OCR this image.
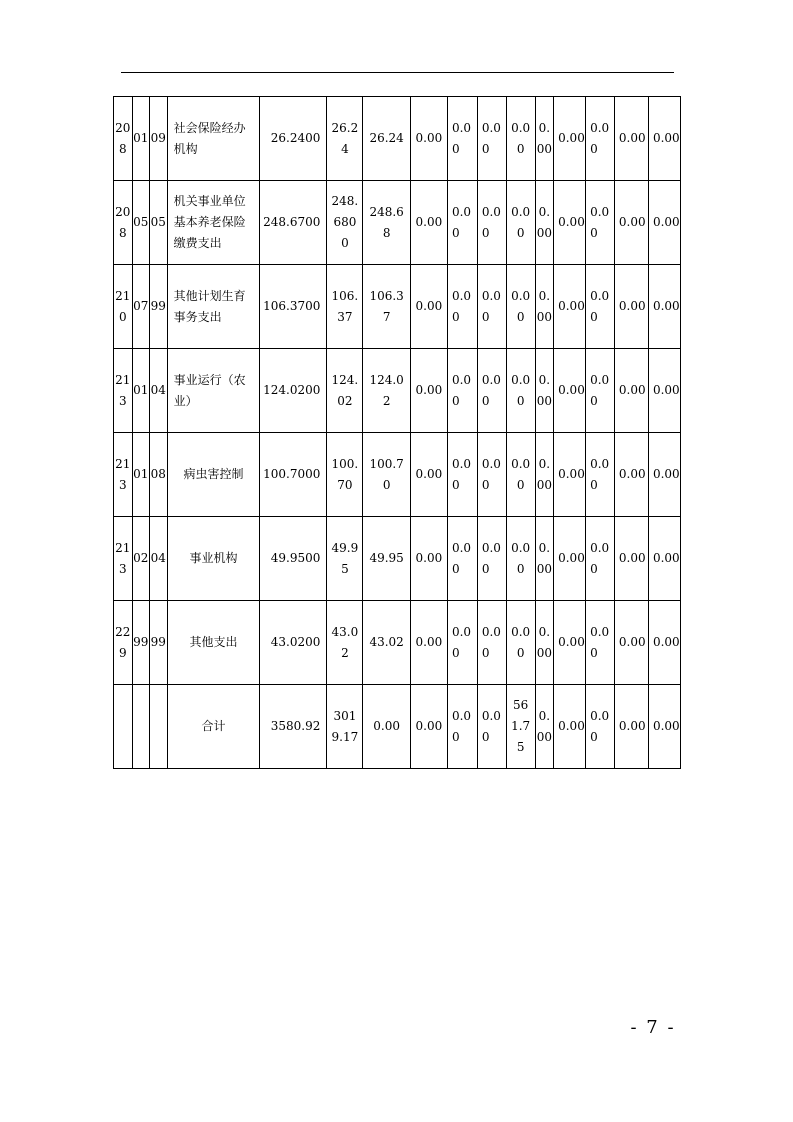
208	01	09	社会保险经办机构	26.2400	26.24	26.24	0.00	0.00	0.00	0.00	0.00	0.00	0.00	0.00	0.00
208	05	05	机关事业单位基本养老保险缴费支出	248.6700	248.6800	248.68	0.00	0.00	0.00	0.00	0.00	0.00	0.00	0.00	0.00
210	07	99	其他计划生育事务支出	106.3700	106.37	106.37	0.00	0.00	0.00	0.00	0.00	0.00	0.00	0.00	0.00
213	01	04	事业运行（农业）	124.0200	124.02	124.02	0.00	0.00	0.00	0.00	0.00	0.00	0.00	0.00	0.00
213	01	08	病虫害控制	100.7000	100.70	100.70	0.00	0.00	0.00	0.00	0.00	0.00	0.00	0.00	0.00
213	02	04	事业机构	49.9500	49.95	49.95	0.00	0.00	0.00	0.00	0.00	0.00	0.00	0.00	0.00
229	99	99	其他支出	43.0200	43.02	43.02	0.00	0.00	0.00	0.00	0.00	0.00	0.00	0.00	0.00
			合计	3580.92	3019.17	0.00	0.00	0.00	0.00	561.75	0.00	0.00	0.00	0.00	0.00
- 7 -
